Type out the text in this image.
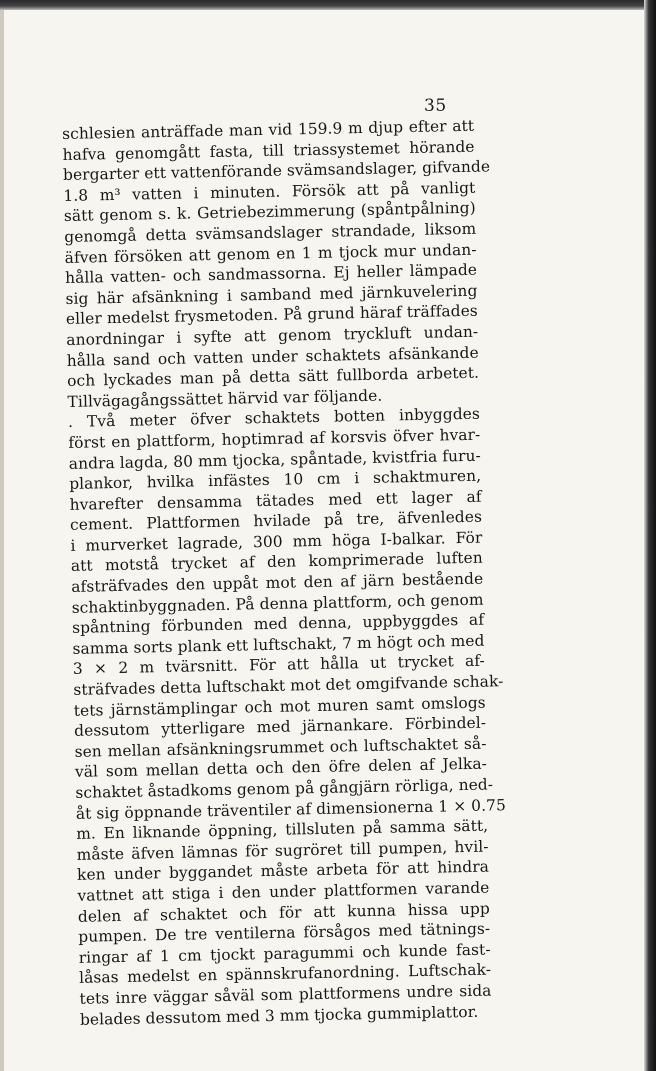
35
schlesien anträffade man vid 159.9 m djup efter att
hafva genomgått fasta, till triassystemet hörande
bergarter ett vattenförande svämsandslager, gifvande
1.8 m³ vatten i minuten. Försök att på vanligt
sätt genom s. k. Getriebezimmerung (spåntpålning)
genomgå detta svämsandslager strandade, liksom
äfven försöken att genom en 1 m tjock mur undan-
hålla vatten- och sandmassorna. Ej heller lämpade
sig här afsänkning i samband med järnkuvelering
eller medelst frysmetoden. På grund häraf träffades
anordningar i syfte att genom tryckluft undan-
hålla sand och vatten under schaktets afsänkande
och lyckades man på detta sätt fullborda arbetet.
Tillvägagångssättet härvid var följande.
. Två meter öfver schaktets botten inbyggdes
först en plattform, hoptimrad af korsvis öfver hvar-
andra lagda, 80 mm tjocka, spåntade, kvistfria furu-
plankor, hvilka infästes 10 cm i schaktmuren,
hvarefter densamma tätades med ett lager af
cement. Plattformen hvilade på tre, äfvenledes
i murverket lagrade, 300 mm höga I-balkar. För
att motstå trycket af den komprimerade luften
afsträfvades den uppåt mot den af järn bestående
schaktinbyggnaden. På denna plattform, och genom
spåntning förbunden med denna, uppbyggdes af
samma sorts plank ett luftschakt, 7 m högt och med
3 × 2 m tvärsnitt. För att hålla ut trycket af-
sträfvades detta luftschakt mot det omgifvande schak-
tets järnstämplingar och mot muren samt omslogs
dessutom ytterligare med järnankare. Förbindel-
sen mellan afsänkningsrummet och luftschaktet så-
väl som mellan detta och den öfre delen af Jelka-
schaktet åstadkoms genom på gångjärn rörliga, ned-
åt sig öppnande träventiler af dimensionerna 1 × 0.75
m. En liknande öppning, tillsluten på samma sätt,
måste äfven lämnas för sugröret till pumpen, hvil-
ken under byggandet måste arbeta för att hindra
vattnet att stiga i den under plattformen varande
delen af schaktet och för att kunna hissa upp
pumpen. De tre ventilerna försågos med tätnings-
ringar af 1 cm tjockt paragummi och kunde fast-
låsas medelst en spännskrufanordning. Luftschak-
tets inre väggar såväl som plattformens undre sida
belades dessutom med 3 mm tjocka gummiplattor.
